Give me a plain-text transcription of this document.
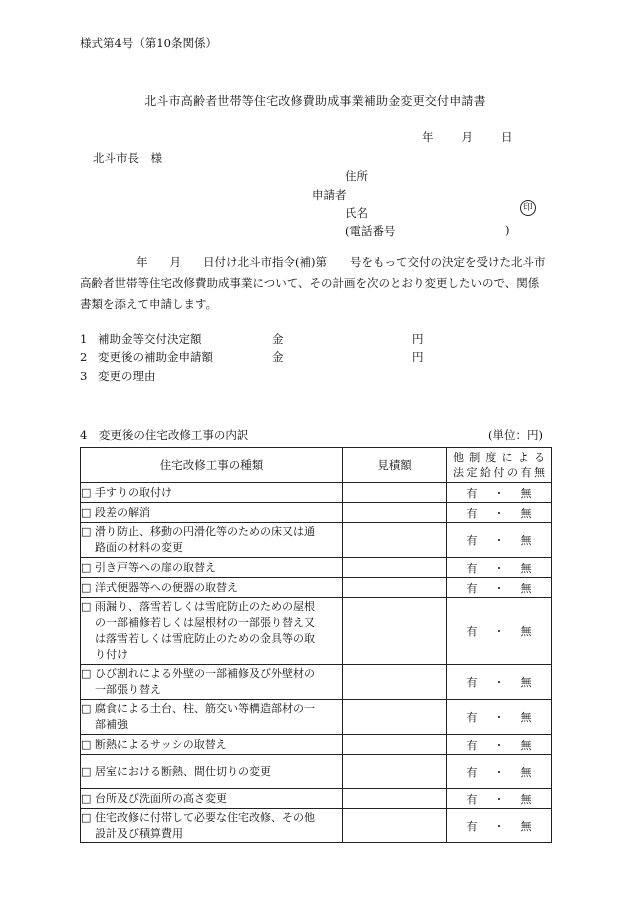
様式第4号（第10条関係）
北斗市高齢者世帯等住宅改修費助成事業補助金変更交付申請書
年 月 日
北斗市長　様
住所
申請者
氏名	印
(電話番号	)
年 月 日付け北斗市指令(補)第　　号をもって交付の決定を受けた北斗市高齢者世帯等住宅改修費助成事業について、その計画を次のとおり変更したいので、関係書類を添えて申請します。
1 補助金等交付決定額	金	円
2 変更後の補助金申請額	金	円
3 変更の理由
4　変更後の住宅改修工事の内訳	(単位：円)
住宅改修工事の種類	見積額	他制度による
法定給付の有無

□ 手すりの取付け		有 ・ 無

□ 段差の解消		有 ・ 無

□ 滑り防止、移動の円滑化等のための床又は通
路面の材料の変更		有 ・ 無

□ 引き戸等への扉の取替え		有 ・ 無

□ 洋式便器等への便器の取替え		有 ・ 無

□ 雨漏り、落雪若しくは雪庇防止のための屋根
の一部補修若しくは屋根材の一部張り替え又
は落雪若しくは雪庇防止のための金具等の取
り付け		有 ・ 無

□ ひび割れによる外壁の一部補修及び外壁材の
一部張り替え		有 ・ 無

□ 腐食による土台、柱、筋交い等構造部材の一
部補強		有 ・ 無

□ 断熱によるサッシの取替え		有 ・ 無

□ 居室における断熱、間仕切りの変更		有 ・ 無

□ 台所及び洗面所の高さ変更		有 ・ 無

□ 住宅改修に付帯して必要な住宅改修、その他
設計及び積算費用		有 ・ 無
